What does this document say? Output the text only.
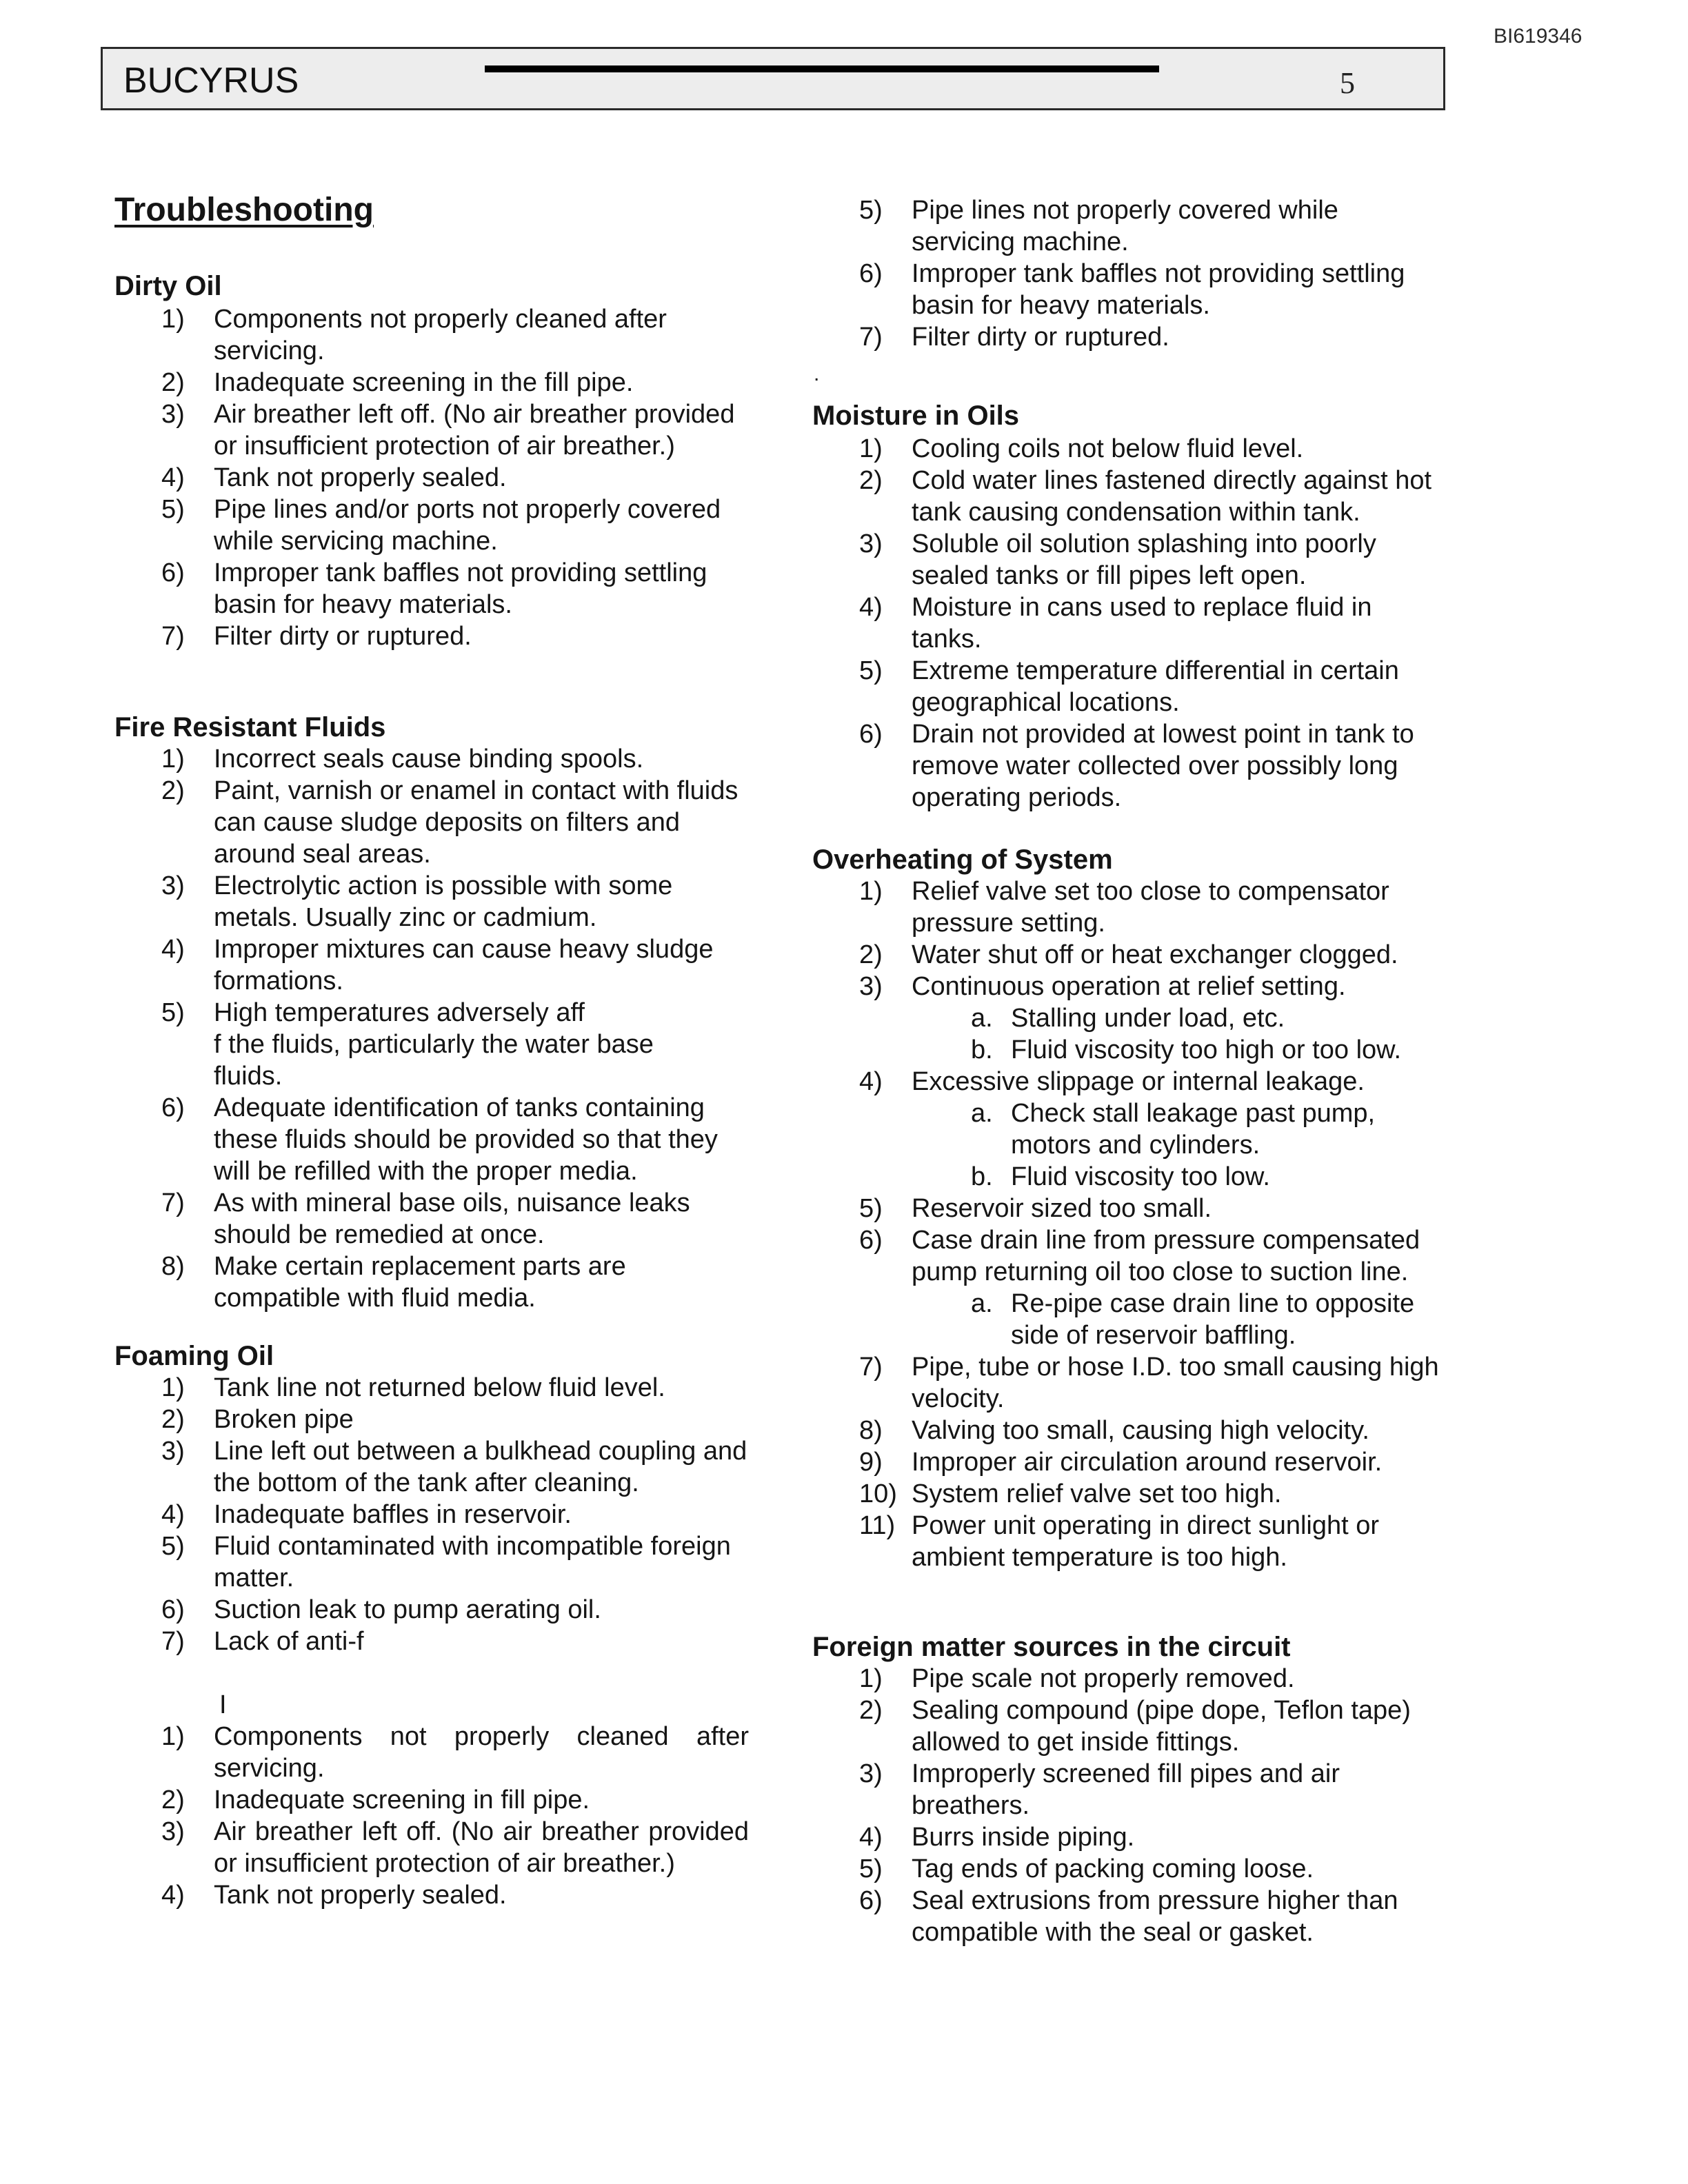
BI619346
BUCYRUS	5
Troubleshooting
Dirty Oil
1) Components not properly cleaned after servicing.
2) Inadequate screening in the fill pipe.
3) Air breather left off. (No air breather provided or insufficient protection of air breather.)
4) Tank not properly sealed.
5) Pipe lines and/or ports not properly covered while servicing machine.
6) Improper tank baffles not providing settling basin for heavy materials.
7) Filter dirty or ruptured.
Fire Resistant Fluids
1) Incorrect seals cause binding spools.
2) Paint, varnish or enamel in contact with fluids can cause sludge deposits on filters and around seal areas.
3) Electrolytic action is possible with some metals. Usually zinc or cadmium.
4) Improper mixtures can cause heavy sludge formations.
5) High temperatures adversely aff
f the fluids, particularly the water base
fluids.
6) Adequate identification of tanks containing these fluids should be provided so that they will be refilled with the proper media.
7) As with mineral base oils, nuisance leaks should be remedied at once.
8) Make certain replacement parts are compatible with fluid media.
Foaming Oil
1) Tank line not returned below fluid level.
2) Broken pipe
3) Line left out between a bulkhead coupling and the bottom of the tank after cleaning.
4) Inadequate baffles in reservoir.
5) Fluid contaminated with incompatible foreign matter.
6) Suction leak to pump aerating oil.
7) Lack of anti-f
I
1) Components not properly cleaned after servicing.
2) Inadequate screening in fill pipe.
3) Air breather left off. (No air breather provided or insufficient protection of air breather.)
4) Tank not properly sealed.
5) Pipe lines not properly covered while servicing machine.
6) Improper tank baffles not providing settling basin for heavy materials.
7) Filter dirty or ruptured.
.
Moisture in Oils
1) Cooling coils not below fluid level.
2) Cold water lines fastened directly against hot tank causing condensation within tank.
3) Soluble oil solution splashing into poorly sealed tanks or fill pipes left open.
4) Moisture in cans used to replace fluid in tanks.
5) Extreme temperature differential in certain geographical locations.
6) Drain not provided at lowest point in tank to remove water collected over possibly long operating periods.
Overheating of System
1) Relief valve set too close to compensator pressure setting.
2) Water shut off or heat exchanger clogged.
3) Continuous operation at relief setting.
a. Stalling under load, etc.
b. Fluid viscosity too high or too low.
4) Excessive slippage or internal leakage.
a. Check stall leakage past pump, motors and cylinders.
b. Fluid viscosity too low.
5) Reservoir sized too small.
6) Case drain line from pressure compensated pump returning oil too close to suction line.
a. Re-pipe case drain line to opposite side of reservoir baffling.
7) Pipe, tube or hose I.D. too small causing high velocity.
8) Valving too small, causing high velocity.
9) Improper air circulation around reservoir.
10) System relief valve set too high.
11) Power unit operating in direct sunlight or ambient temperature is too high.
Foreign matter sources in the circuit
1) Pipe scale not properly removed.
2) Sealing compound (pipe dope, Teflon tape) allowed to get inside fittings.
3) Improperly screened fill pipes and air breathers.
4) Burrs inside piping.
5) Tag ends of packing coming loose.
6) Seal extrusions from pressure higher than compatible with the seal or gasket.
